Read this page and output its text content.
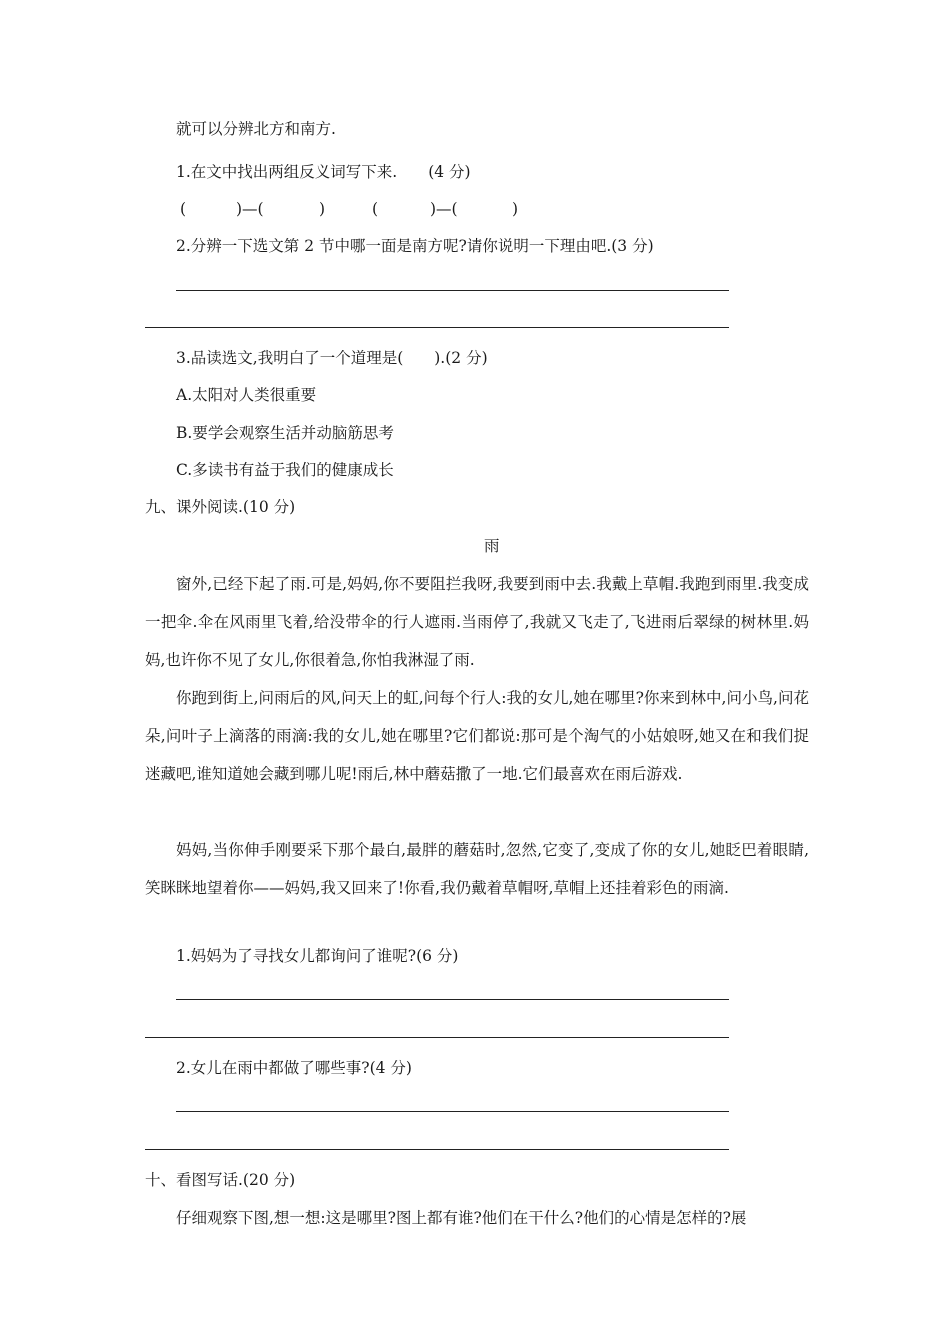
就可以分辨北方和南方.
1.在文中找出两组反义词写下来.　　(4 分)
(	)—(	)	(	)—(	)
2.分辨一下选文第 2 节中哪一面是南方呢?请你说明一下理由吧.(3 分)
3.品读选文,我明白了一个道理是(　　).(2 分)
A.太阳对人类很重要
B.要学会观察生活并动脑筋思考
C.多读书有益于我们的健康成长
九、课外阅读.(10 分)
雨

窗外,已经下起了雨.可是,妈妈,你不要阻拦我呀,我要到雨中去.我戴上草帽.我跑到雨里.我变成一把伞.伞在风雨里飞着,给没带伞的行人遮雨.当雨停了,我就又飞走了,飞进雨后翠绿的树林里.妈妈,也许你不见了女儿,你很着急,你怕我淋湿了雨.

你跑到街上,问雨后的风,问天上的虹,问每个行人:我的女儿,她在哪里?你来到林中,问小鸟,问花朵,问叶子上滴落的雨滴:我的女儿,她在哪里?它们都说:那可是个淘气的小姑娘呀,她又在和我们捉迷藏吧,谁知道她会藏到哪儿呢!雨后,林中蘑菇撒了一地.它们最喜欢在雨后游戏.

妈妈,当你伸手刚要采下那个最白,最胖的蘑菇时,忽然,它变了,变成了你的女儿,她眨巴着眼睛,笑眯眯地望着你——妈妈,我又回来了!你看,我仍戴着草帽呀,草帽上还挂着彩色的雨滴.

1.妈妈为了寻找女儿都询问了谁呢?(6 分)
2.女儿在雨中都做了哪些事?(4 分)
十、看图写话.(20 分)
仔细观察下图,想一想:这是哪里?图上都有谁?他们在干什么?他们的心情是怎样的?展
